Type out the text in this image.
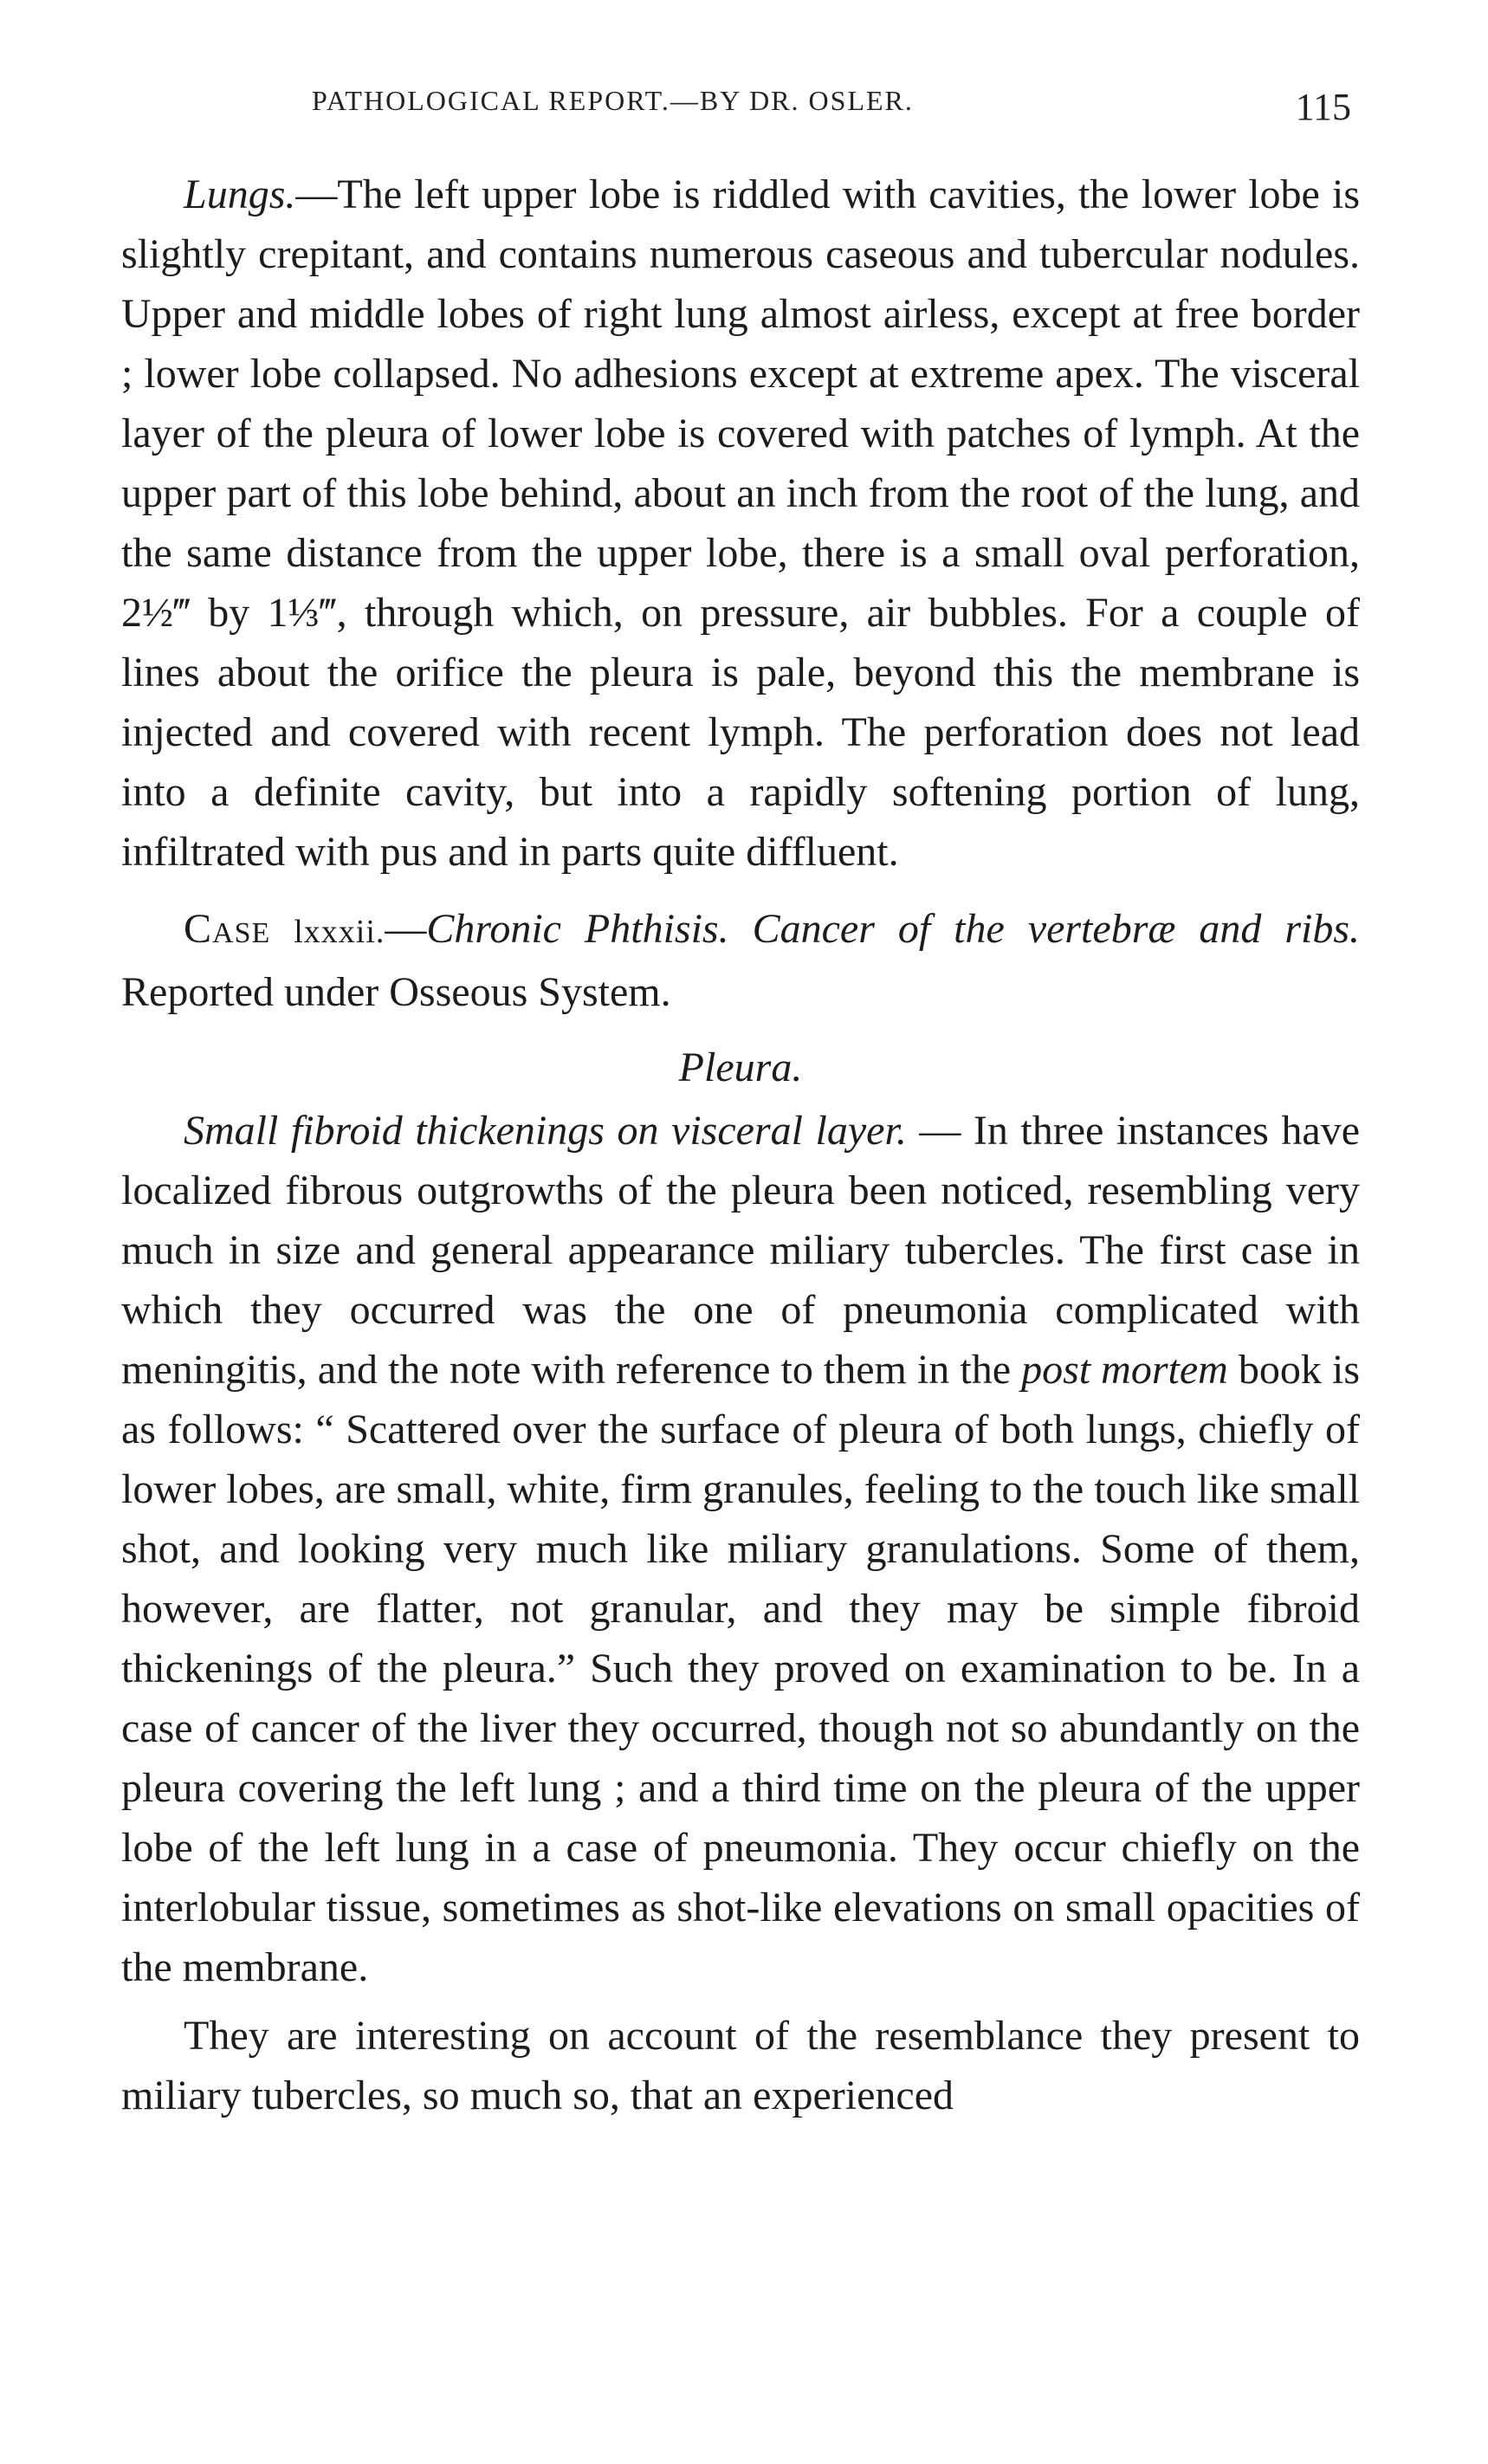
PATHOLOGICAL REPORT.—BY DR. OSLER.	115

Lungs.—The left upper lobe is riddled with cavities, the lower lobe is slightly crepitant, and contains numerous caseous and tubercular nodules. Upper and middle lobes of right lung almost airless, except at free border ; lower lobe collapsed. No adhesions except at extreme apex. The visceral layer of the pleura of lower lobe is covered with patches of lymph. At the upper part of this lobe behind, about an inch from the root of the lung, and the same distance from the upper lobe, there is a small oval perforation, 2½‴ by 1⅓‴, through which, on pressure, air bubbles. For a couple of lines about the orifice the pleura is pale, beyond this the membrane is injected and covered with recent lymph. The perforation does not lead into a definite cavity, but into a rapidly softening portion of lung, infiltrated with pus and in parts quite diffluent.

Case lxxxii.—Chronic Phthisis. Cancer of the vertebræ and ribs. Reported under Osseous System.

Pleura.

Small fibroid thickenings on visceral layer. — In three instances have localized fibrous outgrowths of the pleura been noticed, resembling very much in size and general appearance miliary tubercles. The first case in which they occurred was the one of pneumonia complicated with meningitis, and the note with reference to them in the post mortem book is as follows: “ Scattered over the surface of pleura of both lungs, chiefly of lower lobes, are small, white, firm granules, feeling to the touch like small shot, and looking very much like miliary granulations. Some of them, however, are flatter, not granular, and they may be simple fibroid thickenings of the pleura.” Such they proved on examination to be. In a case of cancer of the liver they occurred, though not so abundantly on the pleura covering the left lung ; and a third time on the pleura of the upper lobe of the left lung in a case of pneumonia. They occur chiefly on the interlobular tissue, sometimes as shot-like elevations on small opacities of the membrane.

They are interesting on account of the resemblance they present to miliary tubercles, so much so, that an experienced
